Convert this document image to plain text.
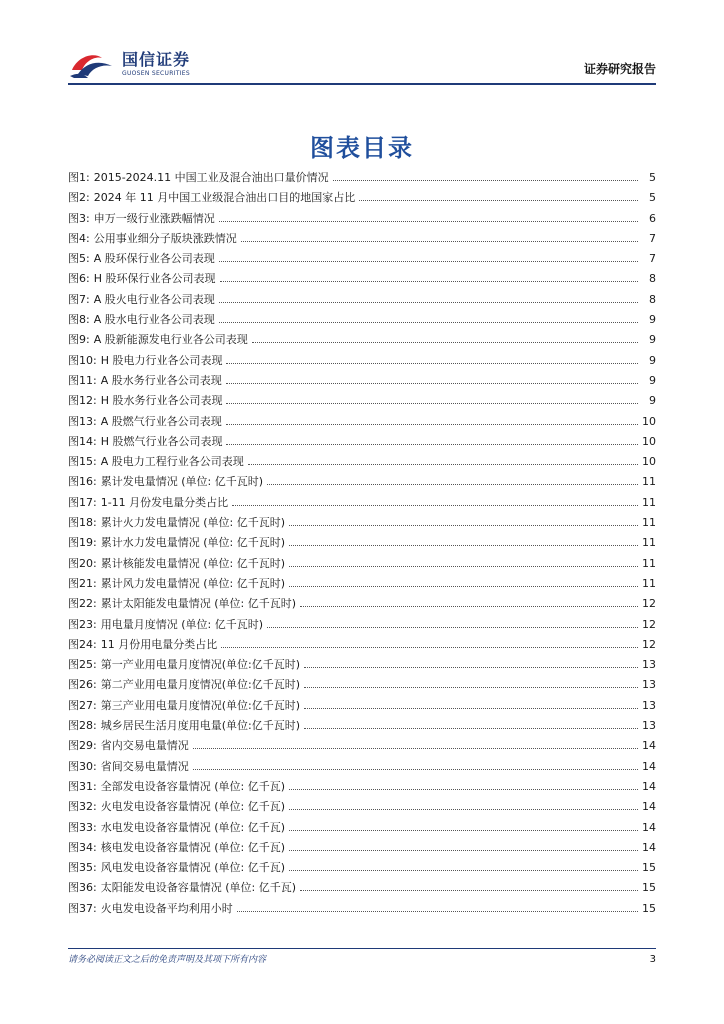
国信证券
GUOSEN SECURITIES	证券研究报告
图表目录
图1: 2015-2024.11 中国工业及混合油出口量价情况	5
图2: 2024 年 11 月中国工业级混合油出口目的地国家占比	5
图3: 申万一级行业涨跌幅情况	6
图4: 公用事业细分子版块涨跌情况	7
图5: A 股环保行业各公司表现	7
图6: H 股环保行业各公司表现	8
图7: A 股火电行业各公司表现	8
图8: A 股水电行业各公司表现	9
图9: A 股新能源发电行业各公司表现	9
图10: H 股电力行业各公司表现	9
图11: A 股水务行业各公司表现	9
图12: H 股水务行业各公司表现	9
图13: A 股燃气行业各公司表现	10
图14: H 股燃气行业各公司表现	10
图15: A 股电力工程行业各公司表现	10
图16: 累计发电量情况 (单位: 亿千瓦时)	11
图17: 1-11 月份发电量分类占比	11
图18: 累计火力发电量情况 (单位: 亿千瓦时)	11
图19: 累计水力发电量情况 (单位: 亿千瓦时)	11
图20: 累计核能发电量情况 (单位: 亿千瓦时)	11
图21: 累计风力发电量情况 (单位: 亿千瓦时)	11
图22: 累计太阳能发电量情况 (单位: 亿千瓦时)	12
图23: 用电量月度情况 (单位: 亿千瓦时)	12
图24: 11 月份用电量分类占比	12
图25: 第一产业用电量月度情况(单位:亿千瓦时)	13
图26: 第二产业用电量月度情况(单位:亿千瓦时)	13
图27: 第三产业用电量月度情况(单位:亿千瓦时)	13
图28: 城乡居民生活月度用电量(单位:亿千瓦时)	13
图29: 省内交易电量情况	14
图30: 省间交易电量情况	14
图31: 全部发电设备容量情况 (单位: 亿千瓦)	14
图32: 火电发电设备容量情况 (单位: 亿千瓦)	14
图33: 水电发电设备容量情况 (单位: 亿千瓦)	14
图34: 核电发电设备容量情况 (单位: 亿千瓦)	14
图35: 风电发电设备容量情况 (单位: 亿千瓦)	15
图36: 太阳能发电设备容量情况 (单位: 亿千瓦)	15
图37: 火电发电设备平均利用小时	15
请务必阅读正文之后的免责声明及其项下所有内容	3
